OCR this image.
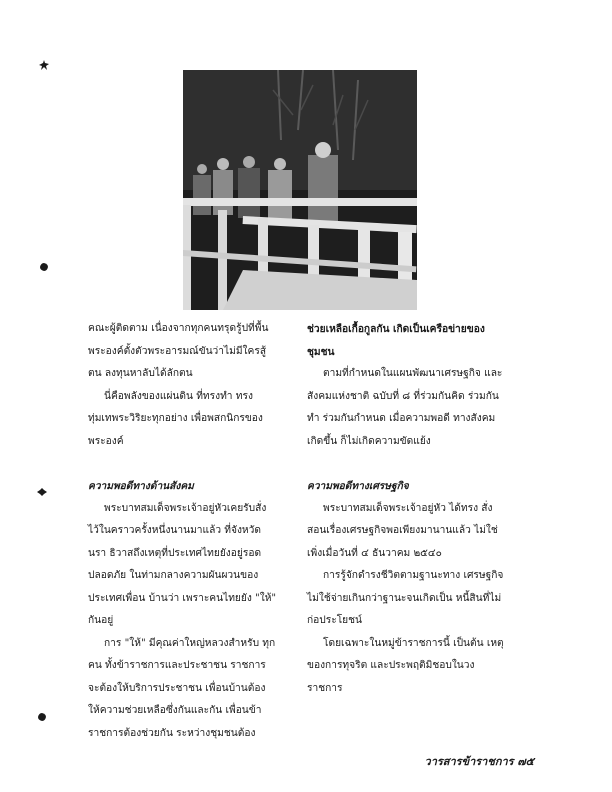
คณะผู้ติดตาม เนื่องจากทุกคนทรุดรู้ปที่พื้น พระองค์ตั้งตัวพระอารมณ์ขันว่าไม่มีใครสู้ตน ลงทุนหาลับได้ลักตน

นี่คือพลังของแผ่นดิน ที่ทรงทำ ทรง ทุ่มเทพระวิริยะทุกอย่าง เพื่อพสกนิกรของพระองค์

ความพอดีทางด้านสังคม

พระบาทสมเด็จพระเจ้าอยู่หัวเคยรับสั่ง ไว้ในคราวครั้งหนึ่งนานมาแล้ว ที่จังหวัดนรา ธิวาสถึงเหตุที่ประเทศไทยยังอยู่รอดปลอดภัย ในท่ามกลางความผันผวนของประเทศเพื่อน บ้านว่า เพราะคนไทยยัง "ให้" กันอยู่

การ "ให้" มีคุณค่าใหญ่หลวงสำหรับ ทุกคน ทั้งข้าราชการและประชาชน ราชการ จะต้องให้บริการประชาชน เพื่อนบ้านต้อง ให้ความช่วยเหลือซึ่งกันและกัน เพื่อนข้า ราชการต้องช่วยกัน ระหว่างชุมชนต้อง

ช่วยเหลือเกื้อกูลกัน เกิดเป็นเครือข่ายของ ชุมชน

ตามที่กำหนดในแผนพัฒนาเศรษฐกิจ และสังคมแห่งชาติ ฉบับที่ ๘ ที่ร่วมกันคิด ร่วมกันทำ ร่วมกันกำหนด เมื่อความพอดี ทางสังคมเกิดขึ้น ก็ไม่เกิดความขัดแย้ง

ความพอดีทางเศรษฐกิจ

พระบาทสมเด็จพระเจ้าอยู่หัว ได้ทรง สั่งสอนเรื่องเศรษฐกิจพอเพียงมานานแล้ว ไม่ใช่เพิ่งเมื่อวันที่ ๔ ธันวาคม ๒๕๔๐

การรู้จักดำรงชีวิตตามฐานะทาง เศรษฐกิจ ไม่ใช้จ่ายเกินกว่าฐานะจนเกิดเป็น หนี้สินที่ไม่ก่อประโยชน์

โดยเฉพาะในหมู่ข้าราชการนี้ เป็นต้น เหตุของการทุจริต และประพฤติมิชอบในวง ราชการ

วารสารข้าราชการ ๗๕
